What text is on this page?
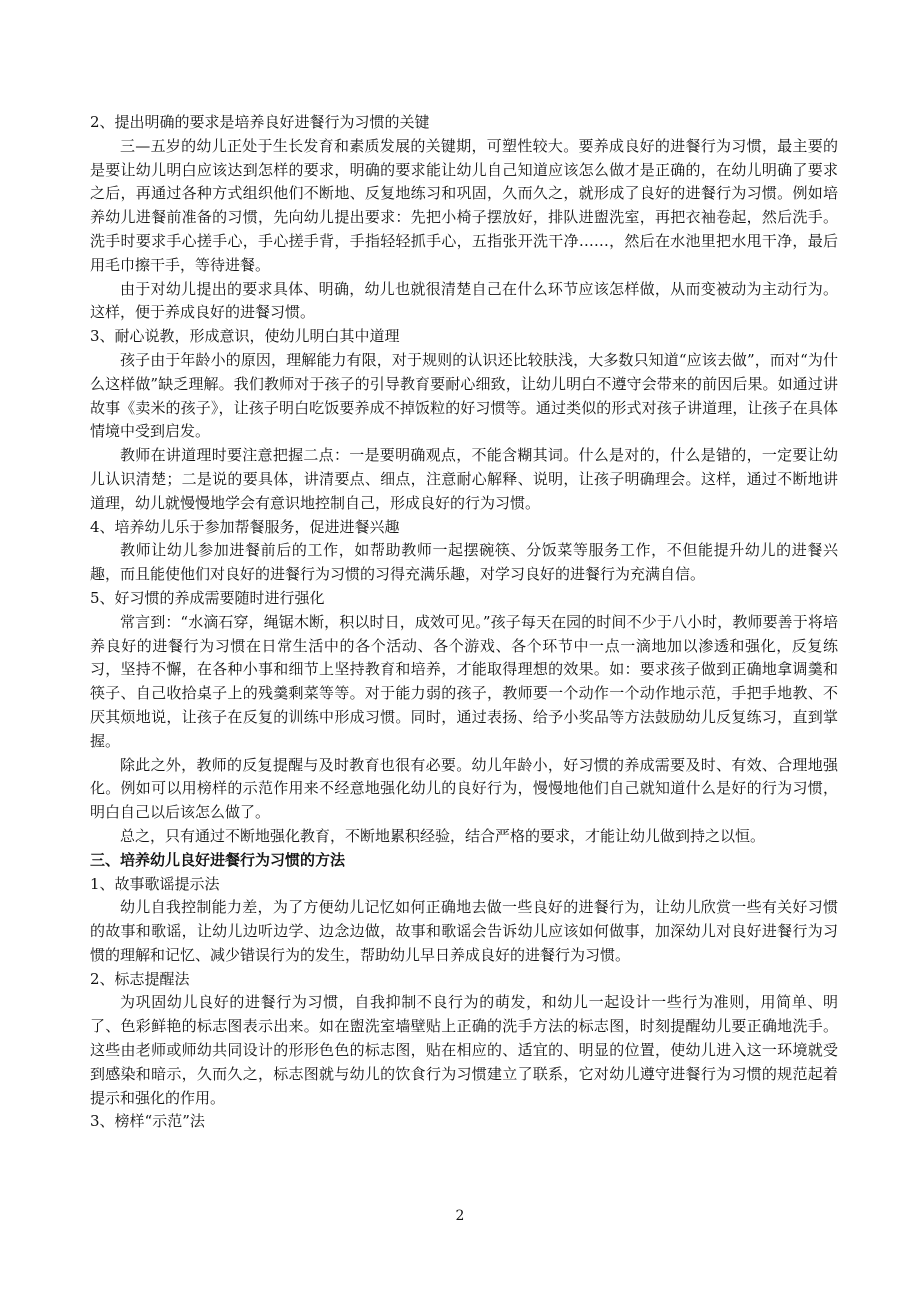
2、提出明确的要求是培养良好进餐行为习惯的关键

三—五岁的幼儿正处于生长发育和素质发展的关键期，可塑性较大。要养成良好的进餐行为习惯，最主要的是要让幼儿明白应该达到怎样的要求，明确的要求能让幼儿自己知道应该怎么做才是正确的，在幼儿明确了要求之后，再通过各种方式组织他们不断地、反复地练习和巩固，久而久之，就形成了良好的进餐行为习惯。例如培养幼儿进餐前准备的习惯，先向幼儿提出要求：先把小椅子摆放好，排队进盥洗室，再把衣袖卷起，然后洗手。洗手时要求手心搓手心，手心搓手背，手指轻轻抓手心，五指张开洗干净……，然后在水池里把水甩干净，最后用毛巾擦干手，等待进餐。

由于对幼儿提出的要求具体、明确，幼儿也就很清楚自己在什么环节应该怎样做，从而变被动为主动行为。这样，便于养成良好的进餐习惯。

3、耐心说教，形成意识，使幼儿明白其中道理

孩子由于年龄小的原因，理解能力有限，对于规则的认识还比较肤浅，大多数只知道“应该去做”，而对“为什么这样做”缺乏理解。我们教师对于孩子的引导教育要耐心细致，让幼儿明白不遵守会带来的前因后果。如通过讲故事《卖米的孩子》，让孩子明白吃饭要养成不掉饭粒的好习惯等。通过类似的形式对孩子讲道理，让孩子在具体情境中受到启发。

教师在讲道理时要注意把握二点：一是要明确观点，不能含糊其词。什么是对的，什么是错的，一定要让幼儿认识清楚；二是说的要具体，讲清要点、细点，注意耐心解释、说明，让孩子明确理会。这样，通过不断地讲道理，幼儿就慢慢地学会有意识地控制自己，形成良好的行为习惯。

4、培养幼儿乐于参加帮餐服务，促进进餐兴趣

教师让幼儿参加进餐前后的工作，如帮助教师一起摆碗筷、分饭菜等服务工作，不但能提升幼儿的进餐兴趣，而且能使他们对良好的进餐行为习惯的习得充满乐趣，对学习良好的进餐行为充满自信。

5、好习惯的养成需要随时进行强化

常言到：“水滴石穿，绳锯木断，积以时日，成效可见。”孩子每天在园的时间不少于八小时，教师要善于将培养良好的进餐行为习惯在日常生活中的各个活动、各个游戏、各个环节中一点一滴地加以渗透和强化，反复练习，坚持不懈，在各种小事和细节上坚持教育和培养，才能取得理想的效果。如：要求孩子做到正确地拿调羹和筷子、自己收拾桌子上的残羹剩菜等等。对于能力弱的孩子，教师要一个动作一个动作地示范，手把手地教、不厌其烦地说，让孩子在反复的训练中形成习惯。同时，通过表扬、给予小奖品等方法鼓励幼儿反复练习，直到掌握。

除此之外，教师的反复提醒与及时教育也很有必要。幼儿年龄小，好习惯的养成需要及时、有效、合理地强化。例如可以用榜样的示范作用来不经意地强化幼儿的良好行为，慢慢地他们自己就知道什么是好的行为习惯，明白自己以后该怎么做了。

总之，只有通过不断地强化教育，不断地累积经验，结合严格的要求，才能让幼儿做到持之以恒。

三、培养幼儿良好进餐行为习惯的方法

1、故事歌谣提示法

幼儿自我控制能力差，为了方便幼儿记忆如何正确地去做一些良好的进餐行为，让幼儿欣赏一些有关好习惯的故事和歌谣，让幼儿边听边学、边念边做，故事和歌谣会告诉幼儿应该如何做事，加深幼儿对良好进餐行为习惯的理解和记忆、减少错误行为的发生，帮助幼儿早日养成良好的进餐行为习惯。

2、标志提醒法

为巩固幼儿良好的进餐行为习惯，自我抑制不良行为的萌发，和幼儿一起设计一些行为准则，用简单、明了、色彩鲜艳的标志图表示出来。如在盥洗室墙壁贴上正确的洗手方法的标志图，时刻提醒幼儿要正确地洗手。这些由老师或师幼共同设计的形形色色的标志图，贴在相应的、适宜的、明显的位置，使幼儿进入这一环境就受到感染和暗示，久而久之，标志图就与幼儿的饮食行为习惯建立了联系，它对幼儿遵守进餐行为习惯的规范起着提示和强化的作用。

3、榜样“示范”法

2
